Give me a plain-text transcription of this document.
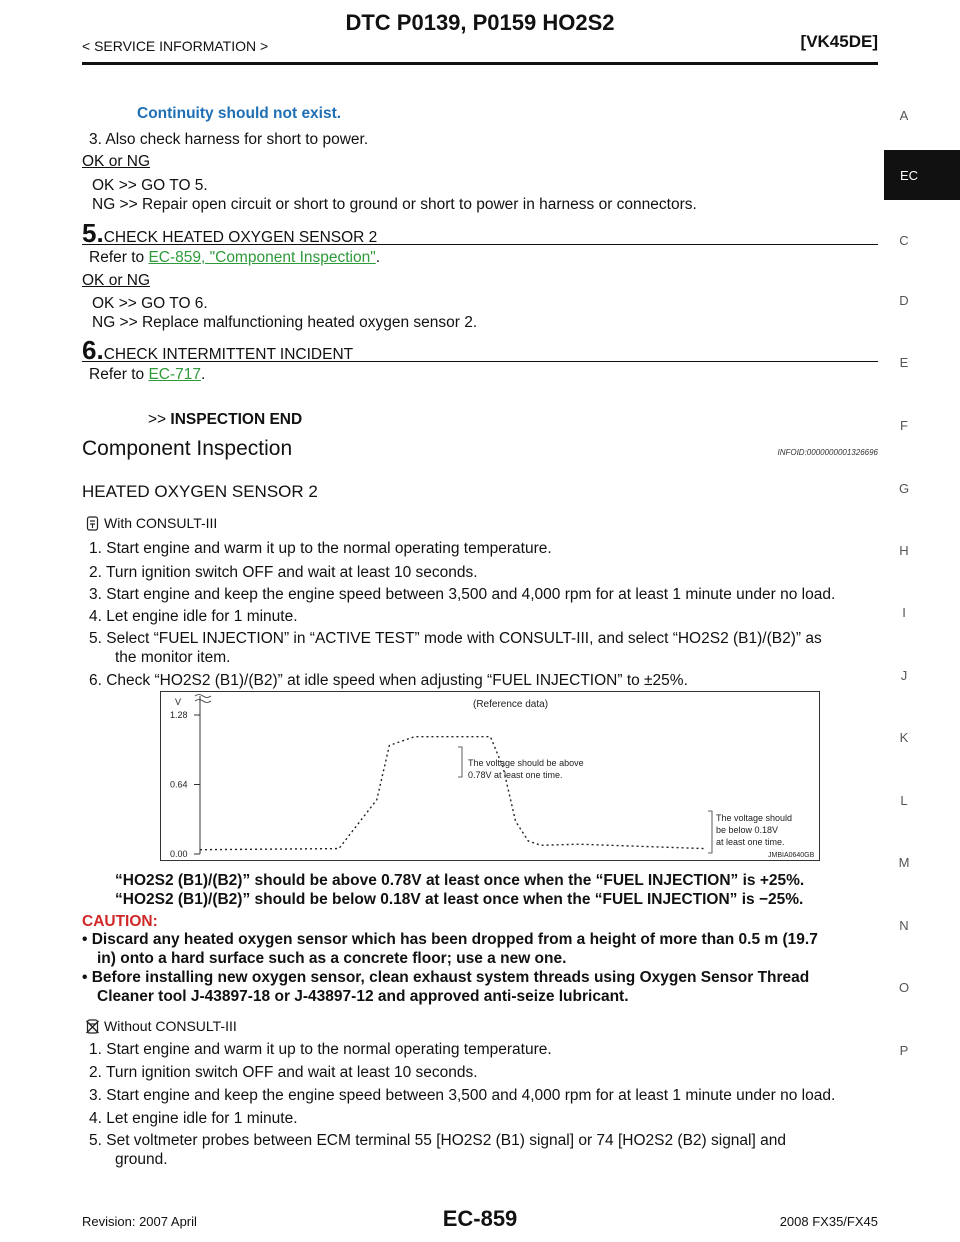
DTC P0139, P0159 HO2S2
< SERVICE INFORMATION >	[VK45DE]
A
EC
C
D
E
F
G
H
I
J
K
L
M
N
O
P
Continuity should not exist.
3. Also check harness for short to power.
OK or NG
OK >> GO TO 5.
NG >> Repair open circuit or short to ground or short to power in harness or connectors.
5.CHECK HEATED OXYGEN SENSOR 2
Refer to EC-859, "Component Inspection".
OK or NG
OK >> GO TO 6.
NG >> Replace malfunctioning heated oxygen sensor 2.
6.CHECK INTERMITTENT INCIDENT
Refer to EC-717.
>> INSPECTION END
Component Inspection	INFOID:0000000001326696
HEATED OXYGEN SENSOR 2
With CONSULT-III
1. Start engine and warm it up to the normal operating temperature.
2. Turn ignition switch OFF and wait at least 10 seconds.
3. Start engine and keep the engine speed between 3,500 and 4,000 rpm for at least 1 minute under no load.
4. Let engine idle for 1 minute.
5. Select “FUEL INJECTION” in “ACTIVE TEST” mode with CONSULT-III, and select “HO2S2 (B1)/(B2)” as
the monitor item.
6. Check “HO2S2 (B1)/(B2)” at idle speed when adjusting “FUEL INJECTION” to ±25%.
V	(Reference data)
1.28
0.64
0.00
The voltage should be above
0.78V at least one time.
The voltage should
be below 0.18V
at least one time.
JMBIA0640GB
“HO2S2 (B1)/(B2)” should be above 0.78V at least once when the “FUEL INJECTION” is +25%.
“HO2S2 (B1)/(B2)” should be below 0.18V at least once when the “FUEL INJECTION” is −25%.
CAUTION:
• Discard any heated oxygen sensor which has been dropped from a height of more than 0.5 m (19.7
in) onto a hard surface such as a concrete floor; use a new one.
• Before installing new oxygen sensor, clean exhaust system threads using Oxygen Sensor Thread
Cleaner tool J-43897-18 or J-43897-12 and approved anti-seize lubricant.
Without CONSULT-III
1. Start engine and warm it up to the normal operating temperature.
2. Turn ignition switch OFF and wait at least 10 seconds.
3. Start engine and keep the engine speed between 3,500 and 4,000 rpm for at least 1 minute under no load.
4. Let engine idle for 1 minute.
5. Set voltmeter probes between ECM terminal 55 [HO2S2 (B1) signal] or 74 [HO2S2 (B2) signal] and
ground.
Revision: 2007 April	EC-859	2008 FX35/FX45
